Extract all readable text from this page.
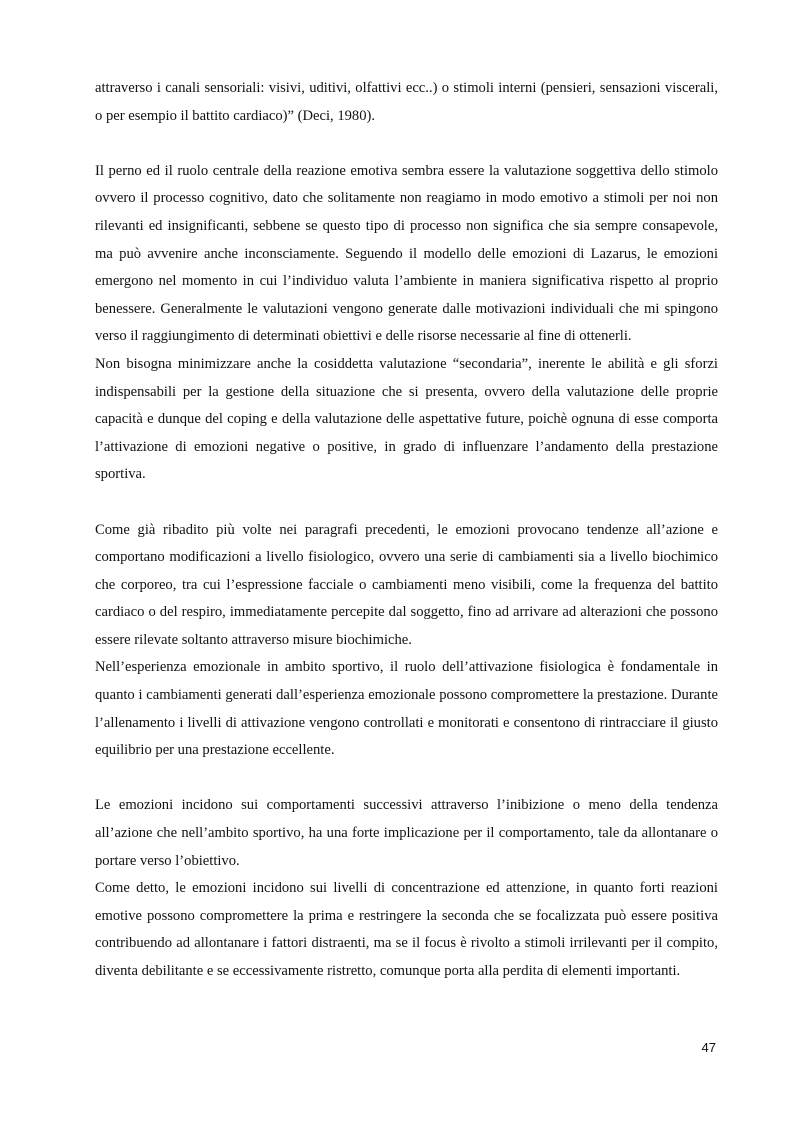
attraverso i canali sensoriali: visivi, uditivi, olfattivi ecc..) o stimoli interni (pensieri, sensazioni viscerali, o per esempio il battito cardiaco)” (Deci, 1980).

Il perno ed il ruolo centrale della reazione emotiva sembra essere la valutazione soggettiva dello stimolo ovvero il processo cognitivo, dato che solitamente non reagiamo in modo emotivo a stimoli per noi non rilevanti ed insignificanti, sebbene se questo tipo di processo non significa che sia sempre consapevole, ma può avvenire anche inconsciamente. Seguendo il modello delle emozioni di Lazarus, le emozioni emergono nel momento in cui l’individuo valuta l’ambiente in maniera significativa rispetto al proprio benessere. Generalmente le valutazioni vengono generate dalle motivazioni individuali che mi spingono verso il raggiungimento di determinati obiettivi e delle risorse necessarie al fine di ottenerli.

Non bisogna minimizzare anche la cosiddetta valutazione “secondaria”, inerente le abilità e gli sforzi indispensabili per la gestione della situazione che si presenta, ovvero della valutazione delle proprie capacità e dunque del coping e della valutazione delle aspettative future, poichè ognuna di esse comporta l’attivazione di emozioni negative o positive, in grado di influenzare l’andamento della prestazione sportiva.

Come già ribadito più volte nei paragrafi precedenti, le emozioni provocano tendenze all’azione e comportano modificazioni a livello fisiologico, ovvero una serie di cambiamenti sia a livello biochimico che corporeo, tra cui l’espressione facciale o cambiamenti meno visibili, come la frequenza del battito cardiaco o del respiro, immediatamente percepite dal soggetto, fino ad arrivare ad alterazioni che possono essere rilevate soltanto attraverso misure biochimiche.

Nell’esperienza emozionale in ambito sportivo, il ruolo dell’attivazione fisiologica è fondamentale in quanto i cambiamenti generati dall’esperienza emozionale possono compromettere la prestazione. Durante l’allenamento i livelli di attivazione vengono controllati e monitorati e consentono di rintracciare il giusto equilibrio per una prestazione eccellente.

Le emozioni incidono sui comportamenti successivi attraverso l’inibizione o meno della tendenza all’azione che nell’ambito sportivo, ha una forte implicazione per il comportamento, tale da allontanare o portare verso l’obiettivo.

Come detto, le emozioni incidono sui livelli di concentrazione ed attenzione, in quanto forti reazioni emotive possono compromettere la prima e restringere la seconda che se focalizzata può essere positiva contribuendo ad allontanare i fattori distraenti, ma se il focus è rivolto a stimoli irrilevanti per il compito, diventa debilitante e se eccessivamente ristretto, comunque porta alla perdita di elementi importanti.

47
